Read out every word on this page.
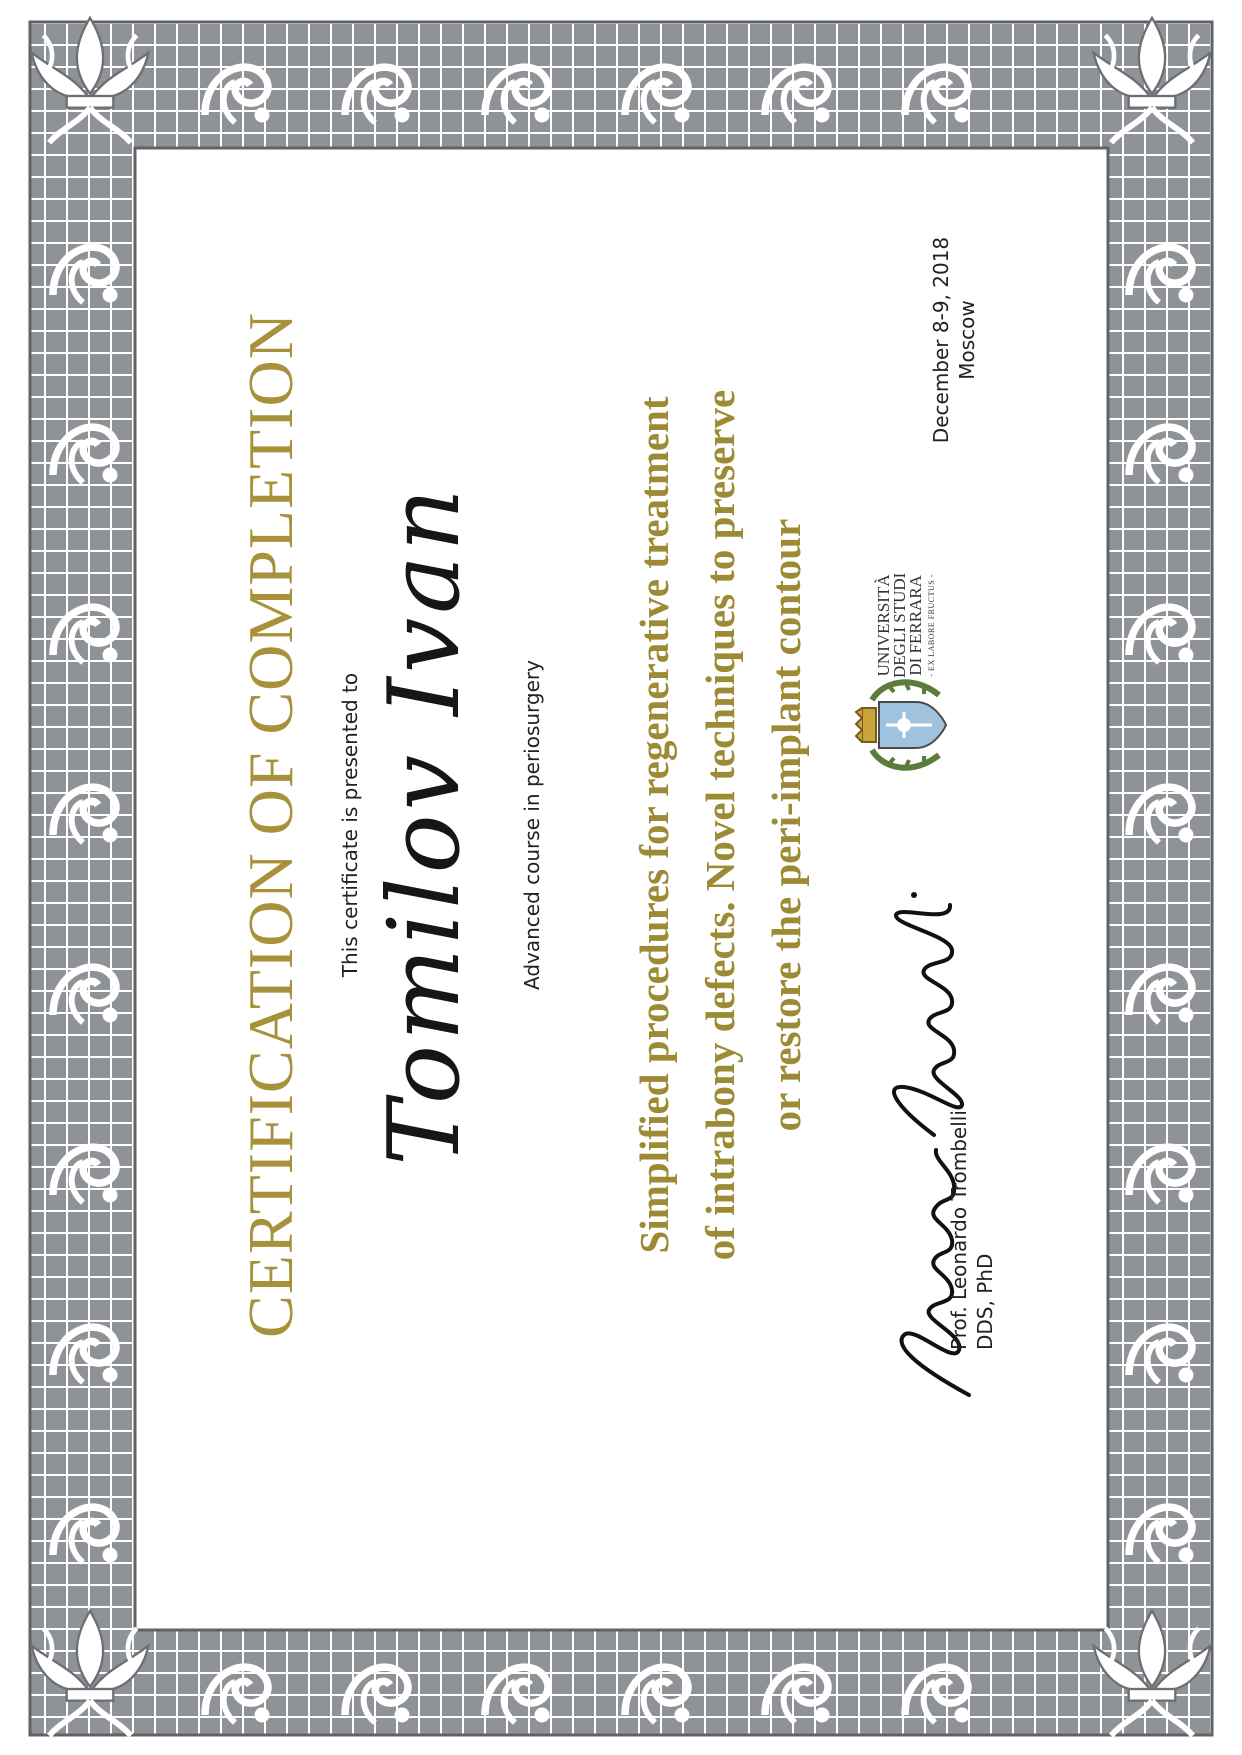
CERTIFICATION OF COMPLETION This certificate is presented to Tomilov Ivan Advanced course in periosurgery Simplified procedures for regenerative treatment of intrabony defects. Novel techniques to preserve or restore the peri-implant contour
Prof. Leonardo Trombelli DDS, PhD
UNIVERSITÀ
DEGLI STUDI
DI FERRARA - EX LABORE FRUCTUS -
December 8-9, 2018 Moscow
